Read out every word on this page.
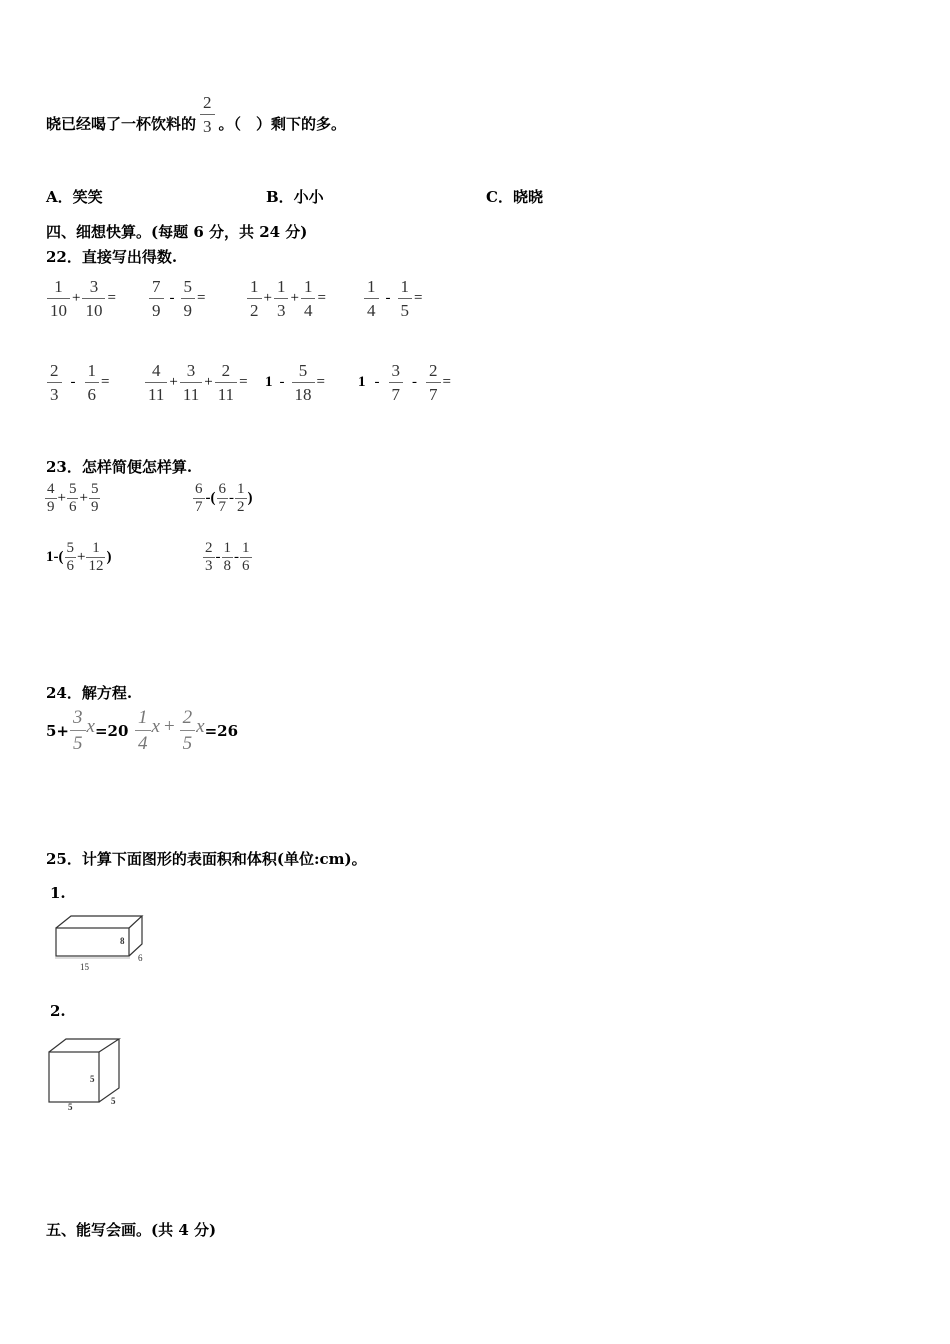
晓已经喝了一杯饮料的 $\frac{2}{3}$ 。（　）剩下的多。
A．笑笑	B．小小	C．晓晓
四、细想快算。(每题 6 分，共 24 分)
22．直接写出得数.
$\frac{1}{10} + \frac{3}{10} = \frac{7}{9} - \frac{5}{9} = \frac{1}{2} + \frac{1}{3} + \frac{1}{4} = \frac{1}{4} - \frac{1}{5}$ =
$\frac{2}{3} - \frac{1}{6} = \frac{4}{11} + \frac{3}{11} + \frac{2}{11} = 1 - \frac{5}{18} = 1 - \frac{3}{7} - \frac{2}{7}$ =
23．怎样简便怎样算.
$\frac{4}{9} + \frac{5}{6} + \frac{5}{9}$	$\frac{6}{7}$ -( $\frac{6}{7} - \frac{1}{2}$ )
$1-( \frac{5}{6} + \frac{1}{12}$ )	$\frac{2}{3} - \frac{1}{8} - \frac{1}{6}$
24．解方程.
$5+ \frac{3}{5}$ $x =20 \frac{1}{4}$ $x + \frac{2}{5}$ x =26
25．计算下面图形的表面积和体积(单位:cm)。
1.
15
6
8
2.
5
5
5
五、能写会画。(共 4 分)
